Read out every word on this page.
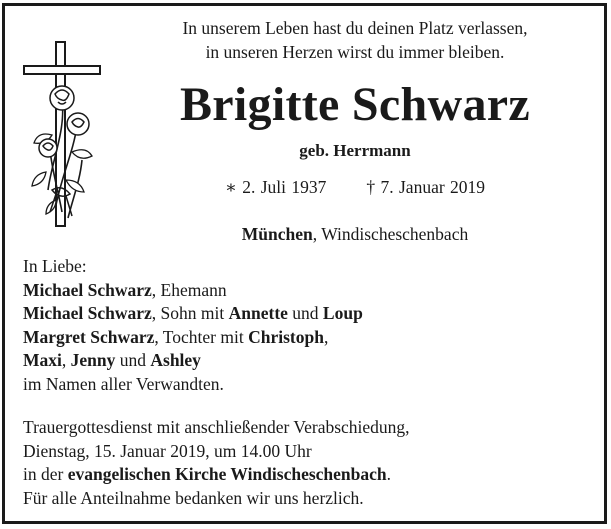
In unserem Leben hast du deinen Platz verlassen,
in unseren Herzen wirst du immer bleiben.
Brigitte Schwarz
geb. Herrmann
∗ 2. Juli 1937 † 7. Januar 2019
München, Windischeschenbach
In Liebe:
Michael Schwarz, Ehemann
Michael Schwarz, Sohn mit Annette und Loup
Margret Schwarz, Tochter mit Christoph,
Maxi, Jenny und Ashley
im Namen aller Verwandten.
Trauergottesdienst mit anschließender Verabschiedung,
Dienstag, 15. Januar 2019, um 14.00 Uhr
in der evangelischen Kirche Windischeschenbach.
Für alle Anteilnahme bedanken wir uns herzlich.
